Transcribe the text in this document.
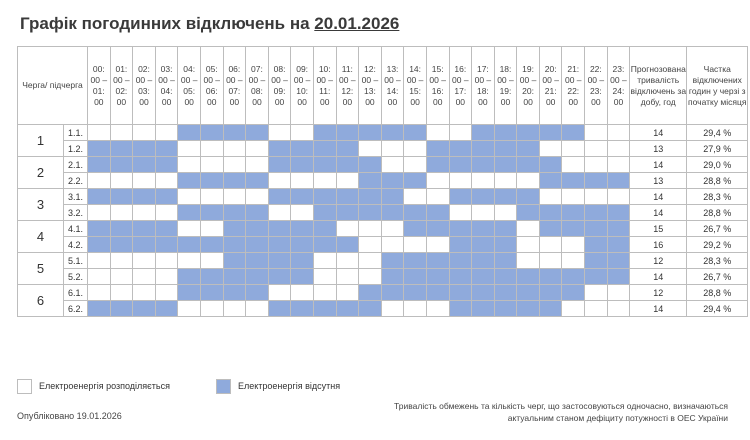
Графік погодинних відключень на 20.01.2026
Черга/ підчерга		00: 00 – 01: 00	01: 00 – 02: 00	02: 00 – 03: 00	03: 00 – 04: 00	04: 00 – 05: 00	05: 00 – 06: 00	06: 00 – 07: 00	07: 00 – 08: 00	08: 00 – 09: 00	09: 00 – 10: 00	10: 00 – 11: 00	11: 00 – 12: 00	12: 00 – 13: 00	13: 00 – 14: 00	14: 00 – 15: 00	15: 00 – 16: 00	16: 00 – 17: 00	17: 00 – 18: 00	18: 00 – 19: 00	19: 00 – 20: 00	20: 00 – 21: 00	21: 00 – 22: 00	22: 00 – 23: 00	23: 00 – 24: 00	Прогнозована тривалість відключень за добу, год	Частка відключених годин у черзі з початку місяця
1	1.1.																									14	29,4 %
	1.2.																									13	27,9 %
2	2.1.																									14	29,0 %
	2.2.																									13	28,8 %
3	3.1.																									14	28,3 %
	3.2.																									14	28,8 %
4	4.1.																									15	26,7 %
	4.2.																									16	29,2 %
5	5.1.																									12	28,3 %
	5.2.																									14	26,7 %
6	6.1.																									12	28,8 %
	6.2.																									14	29,4 %
Електроенергія розподіляється	Електроенергія відсутня
Опубліковано 19.01.2026
Тривалість обмежень та кількість черг, що застосовуються одночасно, визначаються актуальним станом дефіциту потужності в ОЕС України
